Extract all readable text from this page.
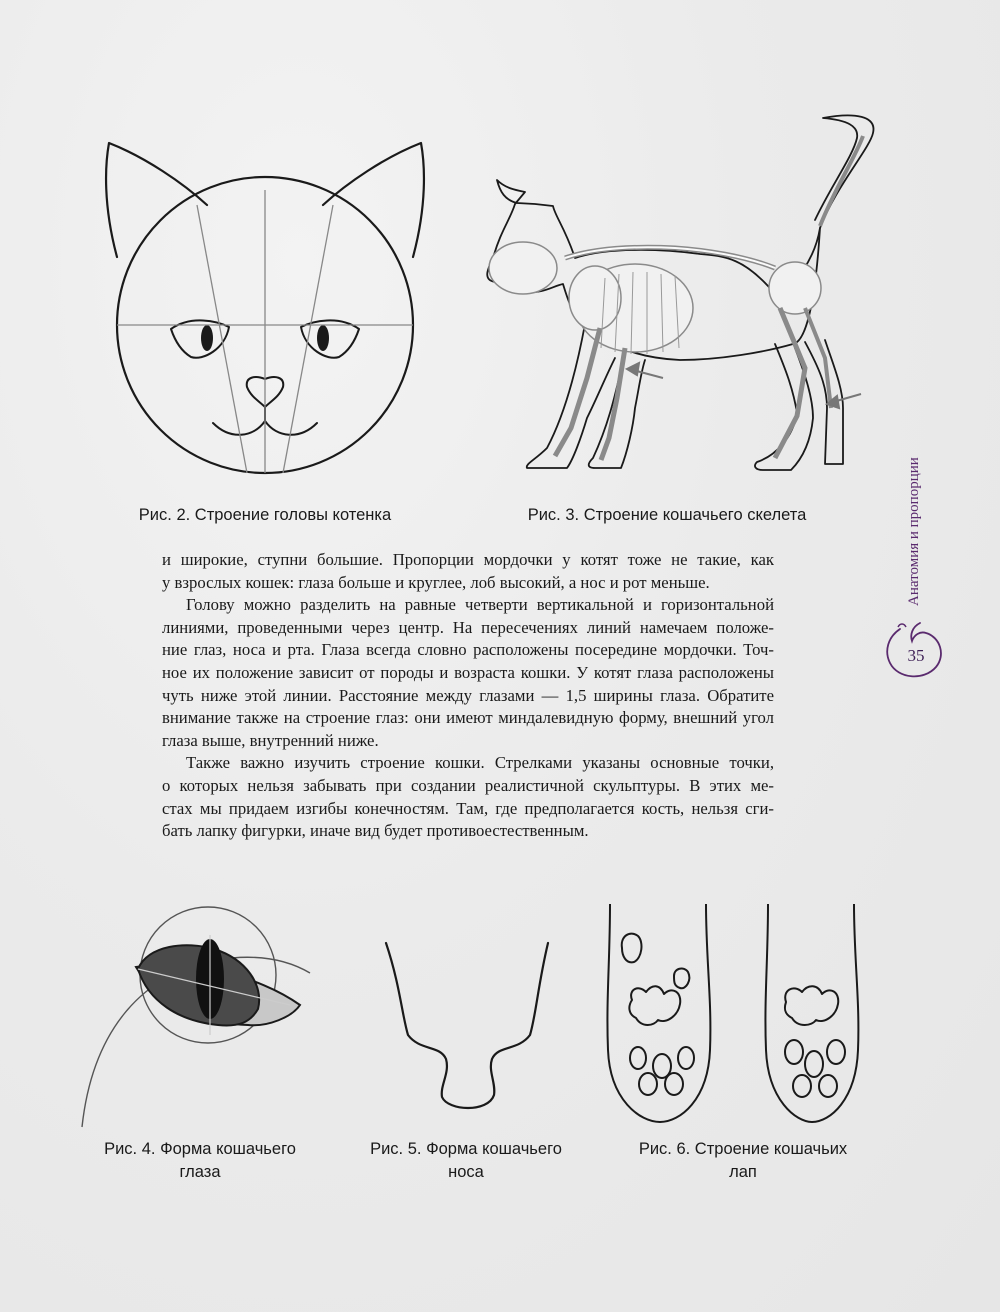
Рис. 2. Строение головы котенка	Рис. 3. Строение кошачьего скелета

и широкие, ступни большие. Пропорции мордочки у котят тоже не такие, как

у взрослых кошек: глаза больше и круглее, лоб высокий, а нос и рот меньше.

Голову можно разделить на равные четверти вертикальной и горизонтальной

линиями, проведенными через центр. На пересечениях линий намечаем положе-

ние глаз, носа и рта. Глаза всегда словно расположены посередине мордочки. Точ-

ное их положение зависит от породы и возраста кошки. У котят глаза расположены

чуть ниже этой линии. Расстояние между глазами — 1,5 ширины глаза. Обратите

внимание также на строение глаз: они имеют миндалевидную форму, внешний угол

глаза выше, внутренний ниже.

Также важно изучить строение кошки. Стрелками указаны основные точки,

о которых нельзя забывать при создании реалистичной скульптуры. В этих ме-

стах мы придаем изгибы конечностям. Там, где предполагается кость, нельзя сги-

бать лапку фигурки, иначе вид будет противоестественным.

Анатомия и пропорции
35
Рис. 4. Форма кошачьего
глаза
Рис. 5. Форма кошачьего
носа
Рис. 6. Строение кошачьих
лап
